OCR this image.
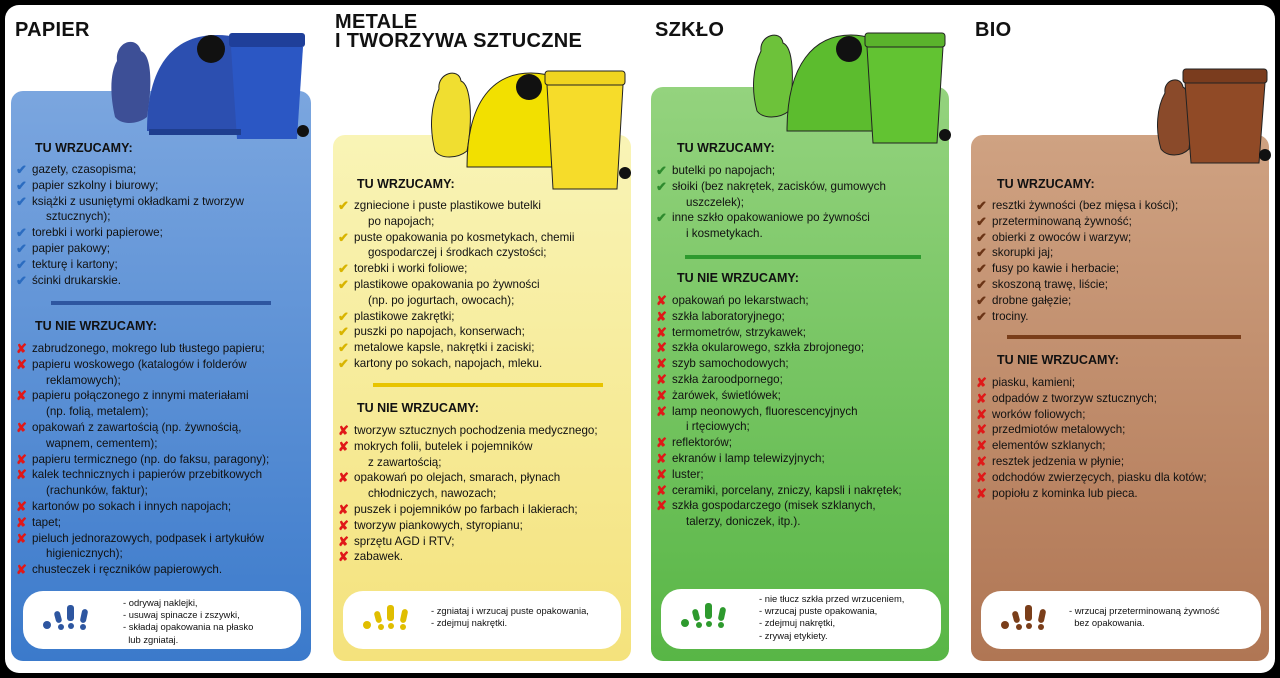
PAPIER
TU WRZUCAMY:
✔ gazety, czasopisma;
✔ papier szkolny i biurowy;
✔ książki z usuniętymi okładkami z tworzyw
sztucznych);
✔ torebki i worki papierowe;
✔ papier pakowy;
✔ tekturę i kartony;
✔ ścinki drukarskie.
TU NIE WRZUCAMY:
✘ zabrudzonego, mokrego lub tłustego papieru;
✘ papieru woskowego (katalogów i folderów
reklamowych);
✘ papieru połączonego z innymi materiałami
(np. folią, metalem);
✘ opakowań z zawartością (np. żywnością,
wapnem, cementem);
✘ papieru termicznego (np. do faksu, paragony);
✘ kalek technicznych i papierów przebitkowych
(rachunków, faktur);
✘ kartonów po sokach i innych napojach;
✘ tapet;
✘ pieluch jednorazowych, podpasek i artykułów
higienicznych);
✘ chusteczek i ręczników papierowych.
- odrywaj naklejki,
- usuwaj spinacze i zszywki,
- składaj opakowania na płasko
lub zgniataj.
METALE
I TWORZYWA SZTUCZNE
TU WRZUCAMY:
✔ zgniecione i puste plastikowe butelki
po napojach;
✔ puste opakowania po kosmetykach, chemii
gospodarczej i środkach czystości;
✔ torebki i worki foliowe;
✔ plastikowe opakowania po żywności
(np. po jogurtach, owocach);
✔ plastikowe zakrętki;
✔ puszki po napojach, konserwach;
✔ metalowe kapsle, nakrętki i zaciski;
✔ kartony po sokach, napojach, mleku.
TU NIE WRZUCAMY:
✘ tworzyw sztucznych pochodzenia medycznego;
✘ mokrych folii, butelek i pojemników
z zawartością;
✘ opakowań po olejach, smarach, płynach
chłodniczych, nawozach;
✘ puszek i pojemników po farbach i lakierach;
✘ tworzyw piankowych, styropianu;
✘ sprzętu AGD i RTV;
✘ zabawek.
- zgniataj i wrzucaj puste opakowania,
- zdejmuj nakrętki.
SZKŁO
TU WRZUCAMY:
✔ butelki po napojach;
✔ słoiki (bez nakrętek, zacisków, gumowych
uszczelek);
✔ inne szkło opakowaniowe po żywności
i kosmetykach.
TU NIE WRZUCAMY:
✘ opakowań po lekarstwach;
✘ szkła laboratoryjnego;
✘ termometrów, strzykawek;
✘ szkła okularowego, szkła zbrojonego;
✘ szyb samochodowych;
✘ szkła żaroodpornego;
✘ żarówek, świetlówek;
✘ lamp neonowych, fluorescencyjnych
i rtęciowych;
✘ reflektorów;
✘ ekranów i lamp telewizyjnych;
✘ luster;
✘ ceramiki, porcelany, zniczy, kapsli i nakrętek;
✘ szkła gospodarczego (misek szklanych,
talerzy, doniczek, itp.).
- nie tłucz szkła przed wrzuceniem,
- wrzucaj puste opakowania,
- zdejmuj nakrętki,
- zrywaj etykiety.
BIO
TU WRZUCAMY:
✔ resztki żywności (bez mięsa i kości);
✔ przeterminowaną żywność;
✔ obierki z owoców i warzyw;
✔ skorupki jaj;
✔ fusy po kawie i herbacie;
✔ skoszoną trawę, liście;
✔ drobne gałęzie;
✔ trociny.
TU NIE WRZUCAMY:
✘ piasku, kamieni;
✘ odpadów z tworzyw sztucznych;
✘ worków foliowych;
✘ przedmiotów metalowych;
✘ elementów szklanych;
✘ resztek jedzenia w płynie;
✘ odchodów zwierzęcych, piasku dla kotów;
✘ popiołu z kominka lub pieca.
- wrzucaj przeterminowaną żywność
bez opakowania.
